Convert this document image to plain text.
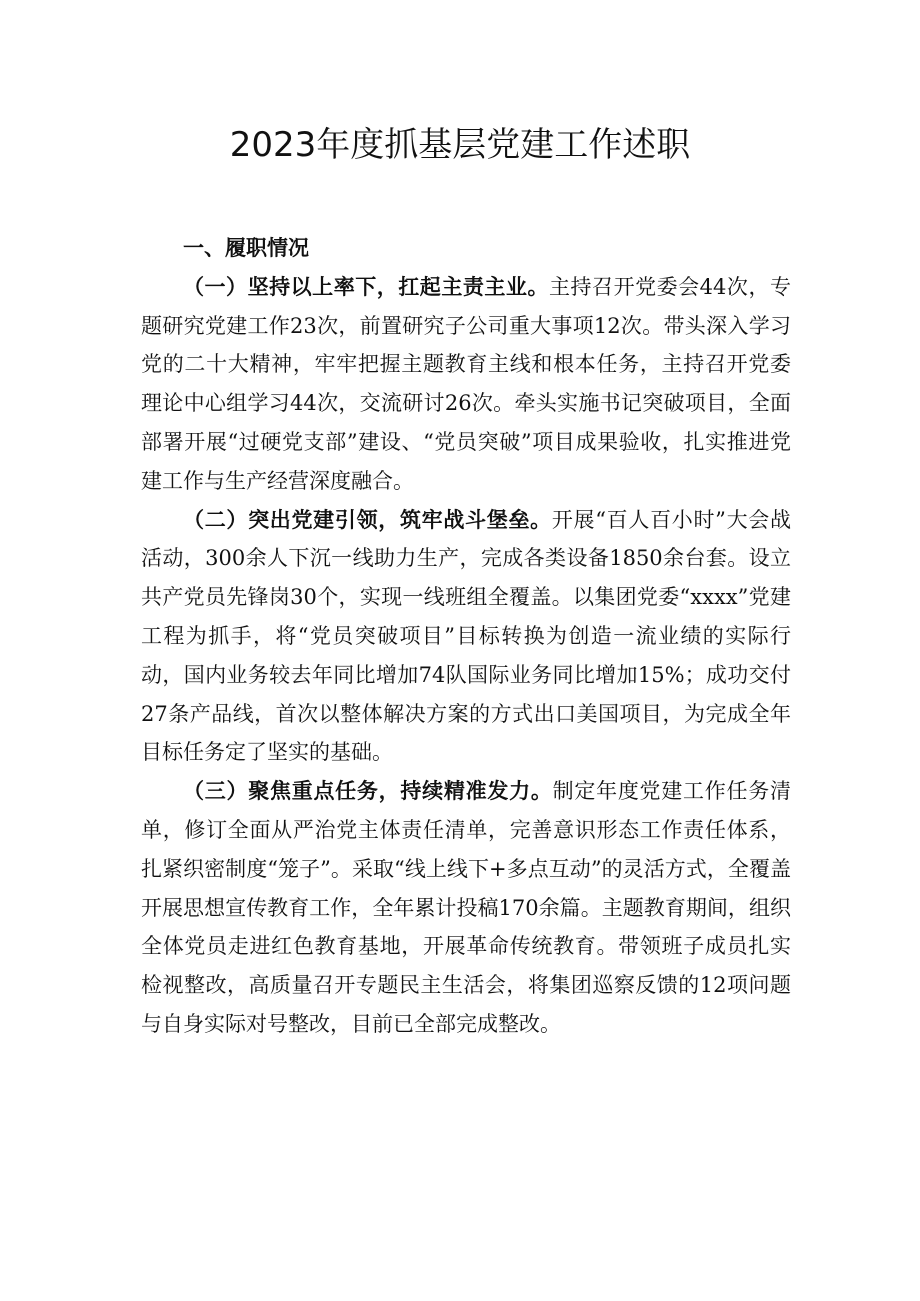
2023年度抓基层党建工作述职

一、履职情况

（一）坚持以上率下，扛起主责主业。主持召开党委会44次，专题研究党建工作23次，前置研究子公司重大事项12次。带头深入学习党的二十大精神，牢牢把握主题教育主线和根本任务，主持召开党委理论中心组学习44次，交流研讨26次。牵头实施书记突破项目，全面部署开展“过硬党支部”建设、“党员突破”项目成果验收，扎实推进党建工作与生产经营深度融合。

（二）突出党建引领，筑牢战斗堡垒。开展“百人百小时”大会战活动，300余人下沉一线助力生产，完成各类设备1850余台套。设立共产党员先锋岗30个，实现一线班组全覆盖。以集团党委“xxxx”党建工程为抓手，将“党员突破项目”目标转换为创造一流业绩的实际行动，国内业务较去年同比增加74队国际业务同比增加15%；成功交付27条产品线，首次以整体解决方案的方式出口美国项目，为完成全年目标任务定了坚实的基础。

（三）聚焦重点任务，持续精准发力。制定年度党建工作任务清单，修订全面从严治党主体责任清单，完善意识形态工作责任体系，扎紧织密制度“笼子”。采取“线上线下+多点互动”的灵活方式，全覆盖开展思想宣传教育工作，全年累计投稿170余篇。主题教育期间，组织全体党员走进红色教育基地，开展革命传统教育。带领班子成员扎实检视整改，高质量召开专题民主生活会，将集团巡察反馈的12项问题与自身实际对号整改，目前已全部完成整改。
